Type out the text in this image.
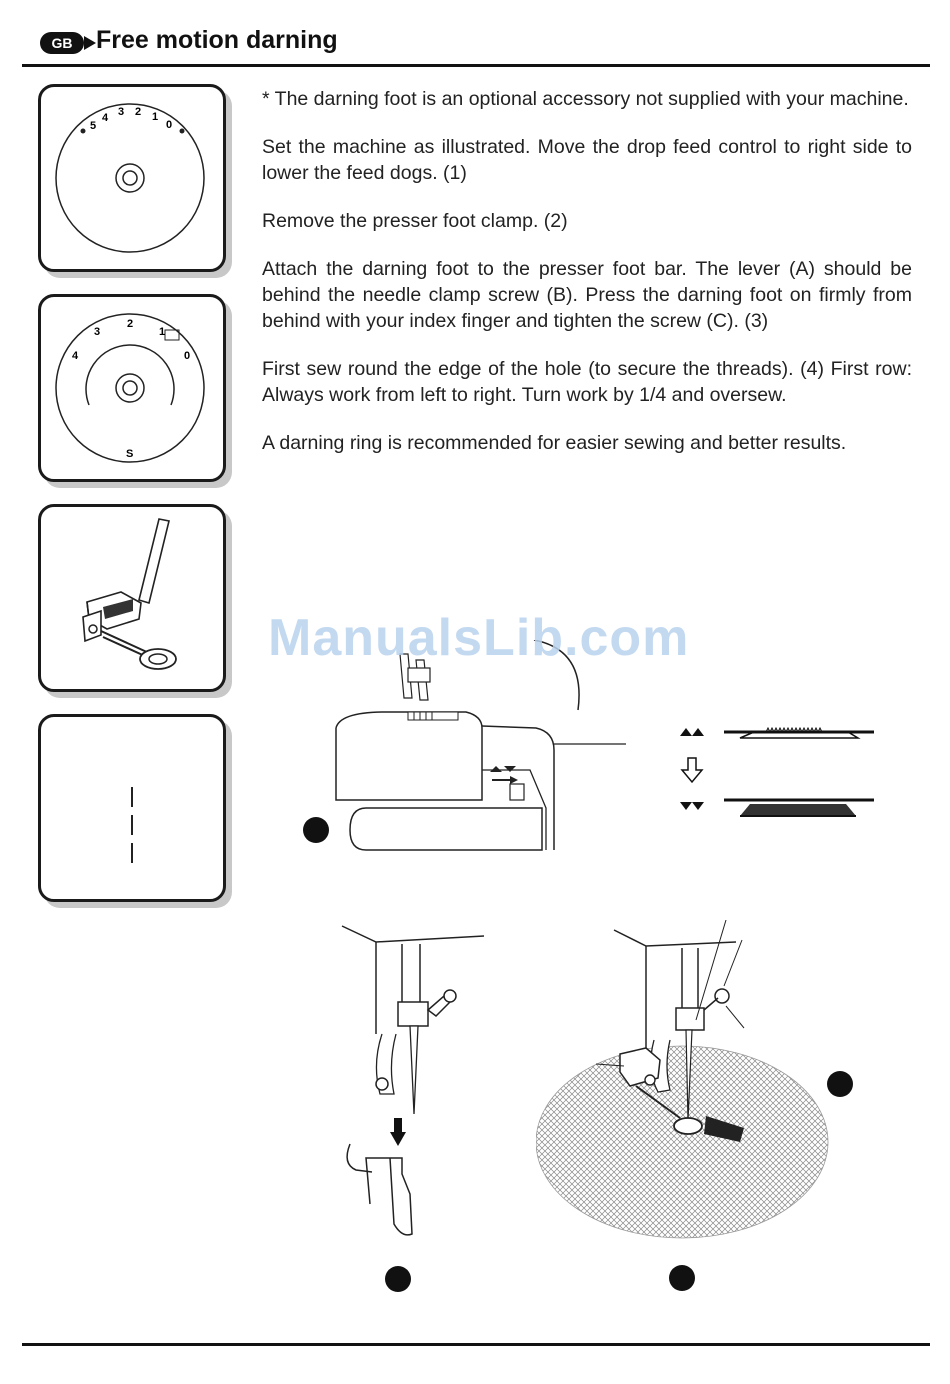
GB Free motion darning
5
4 3 2 1
0
4
3
2
1
0
S

* The darning foot is an optional accessory not supplied with your machine.

Set the machine as illustrated. Move the drop feed control to right side to lower the feed dogs. (1)

Remove the presser foot clamp. (2)

Attach the darning foot to the presser foot bar. The lever (A) should be behind the needle clamp screw (B). Press the darning foot on firmly from behind with your index finger and tighten the screw (C). (3)

First sew round the edge of the hole (to secure the threads). (4) First row: Always work from left to right. Turn work by 1/4 and oversew.

A darning ring is recommended for easier sewing and better results.

ManualsLib.com
